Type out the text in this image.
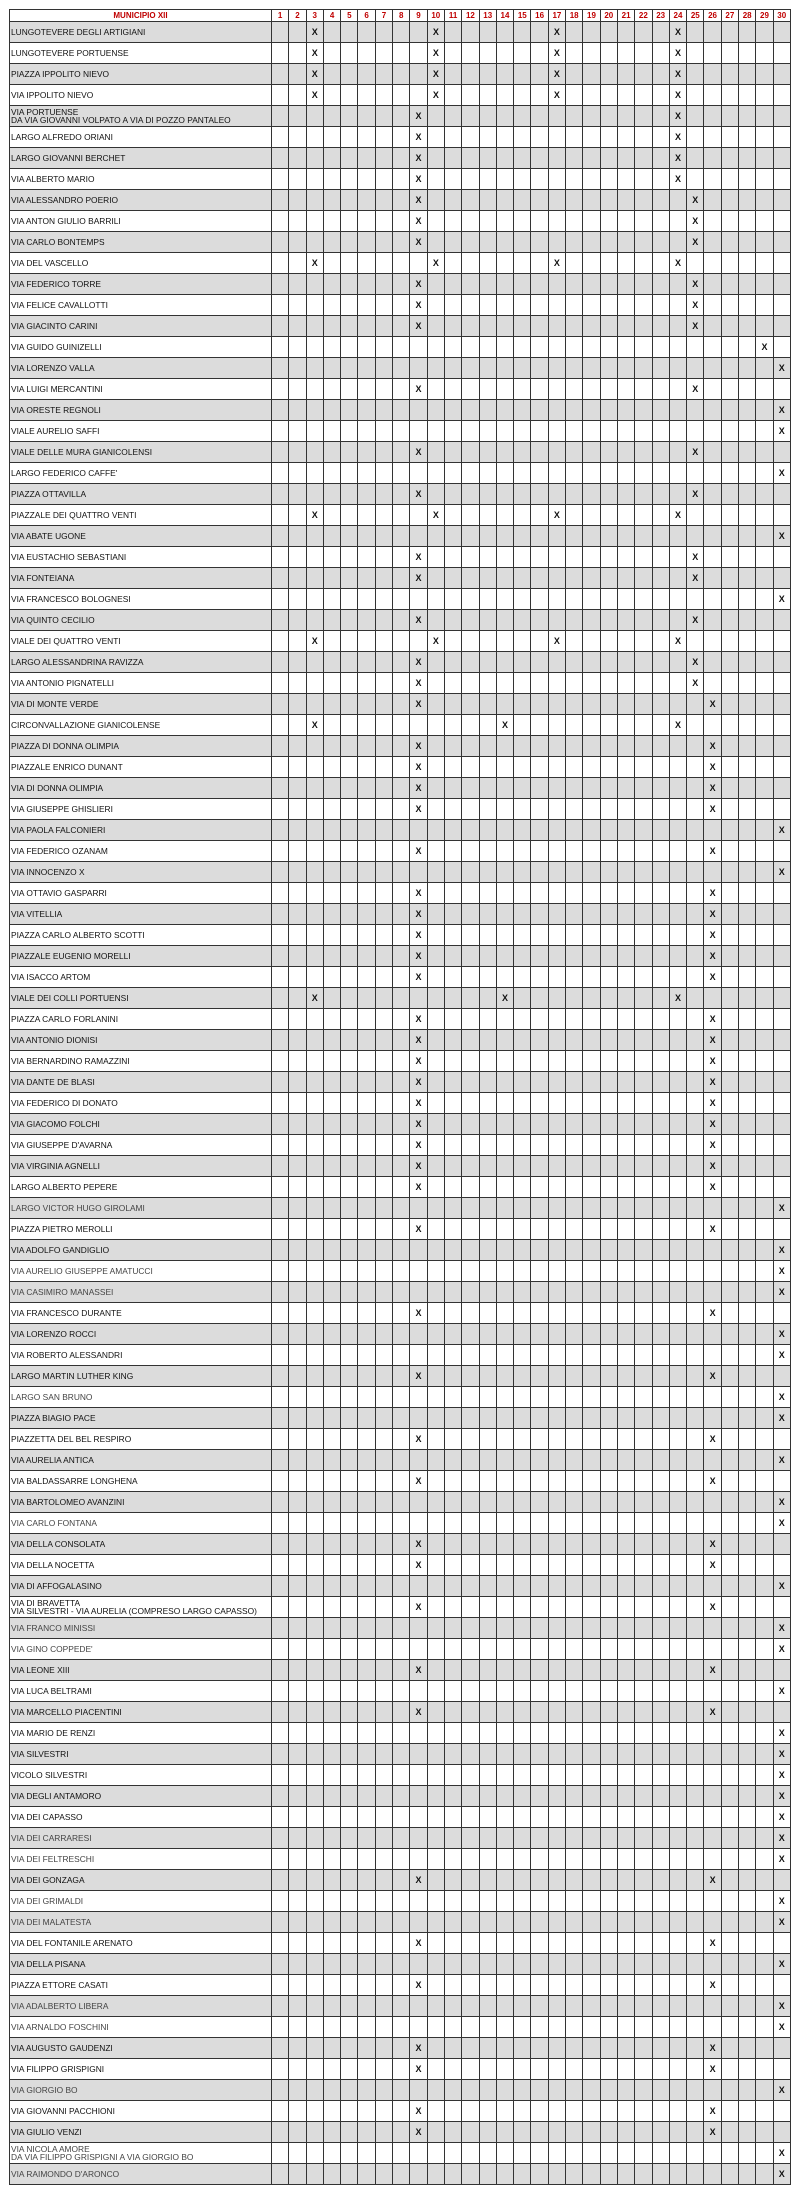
MUNICIPIO XII	1	2	3	4	5	6	7	8	9	10	11	12	13	14	15	16	17	18	19	20	21	22	23	24	25	26	27	28	29	30
LUNGOTEVERE DEGLI ARTIGIANI			X							X							X							X						
LUNGOTEVERE PORTUENSE			X							X							X							X						
PIAZZA IPPOLITO NIEVO			X							X							X							X						
VIA IPPOLITO NIEVO			X							X							X							X						
VIA PORTUENSE
DA VIA GIOVANNI VOLPATO A VIA DI POZZO PANTALEO									X															X						
LARGO ALFREDO ORIANI									X															X						
LARGO GIOVANNI BERCHET									X															X						
VIA ALBERTO MARIO									X															X						
VIA ALESSANDRO POERIO									X																X					
VIA ANTON GIULIO BARRILI									X																X					
VIA CARLO BONTEMPS									X																X					
VIA DEL VASCELLO			X							X							X							X						
VIA FEDERICO TORRE									X																X					
VIA FELICE CAVALLOTTI									X																X					
VIA GIACINTO CARINI									X																X					
VIA GUIDO GUINIZELLI																													X	
VIA LORENZO VALLA																														X
VIA LUIGI MERCANTINI									X																X					
VIA ORESTE REGNOLI																														X
VIALE AURELIO SAFFI																														X
VIALE DELLE MURA GIANICOLENSI									X																X					
LARGO FEDERICO CAFFE'																														X
PIAZZA OTTAVILLA									X																X					
PIAZZALE DEI QUATTRO VENTI			X							X							X							X						
VIA ABATE UGONE																														X
VIA EUSTACHIO SEBASTIANI									X																X					
VIA FONTEIANA									X																X					
VIA FRANCESCO BOLOGNESI																														X
VIA QUINTO CECILIO									X																X					
VIALE DEI QUATTRO VENTI			X							X							X							X						
LARGO ALESSANDRINA RAVIZZA									X																X					
VIA ANTONIO PIGNATELLI									X																X					
VIA DI MONTE VERDE									X																	X				
CIRCONVALLAZIONE GIANICOLENSE			X											X										X						
PIAZZA DI DONNA OLIMPIA									X																	X				
PIAZZALE ENRICO DUNANT									X																	X				
VIA DI DONNA OLIMPIA									X																	X				
VIA GIUSEPPE GHISLIERI									X																	X				
VIA PAOLA FALCONIERI																														X
VIA FEDERICO OZANAM									X																	X				
VIA INNOCENZO X																														X
VIA OTTAVIO GASPARRI									X																	X				
VIA VITELLIA									X																	X				
PIAZZA CARLO ALBERTO SCOTTI									X																	X				
PIAZZALE EUGENIO MORELLI									X																	X				
VIA ISACCO ARTOM									X																	X				
VIALE DEI COLLI PORTUENSI			X											X										X						
PIAZZA CARLO FORLANINI									X																	X				
VIA ANTONIO DIONISI									X																	X				
VIA BERNARDINO RAMAZZINI									X																	X				
VIA DANTE DE BLASI									X																	X				
VIA FEDERICO DI DONATO									X																	X				
VIA GIACOMO FOLCHI									X																	X				
VIA GIUSEPPE D'AVARNA									X																	X				
VIA VIRGINIA AGNELLI									X																	X				
LARGO ALBERTO PEPERE									X																	X				
LARGO VICTOR HUGO GIROLAMI																														X
PIAZZA PIETRO MEROLLI									X																	X				
VIA ADOLFO GANDIGLIO																														X
VIA AURELIO GIUSEPPE AMATUCCI																														X
VIA CASIMIRO MANASSEI																														X
VIA FRANCESCO DURANTE									X																	X				
VIA LORENZO ROCCI																														X
VIA ROBERTO ALESSANDRI																														X
LARGO MARTIN LUTHER KING									X																	X				
LARGO SAN BRUNO																														X
PIAZZA BIAGIO PACE																														X
PIAZZETTA DEL BEL RESPIRO									X																	X				
VIA AURELIA ANTICA																														X
VIA BALDASSARRE LONGHENA									X																	X				
VIA BARTOLOMEO AVANZINI																														X
VIA CARLO FONTANA																														X
VIA DELLA CONSOLATA									X																	X				
VIA DELLA NOCETTA									X																	X				
VIA DI AFFOGALASINO																														X
VIA DI BRAVETTA
VIA SILVESTRI - VIA AURELIA (COMPRESO LARGO CAPASSO)									X																	X				
VIA FRANCO MINISSI																														X
VIA GINO COPPEDE'																														X
VIA LEONE XIII									X																	X				
VIA LUCA BELTRAMI																														X
VIA MARCELLO PIACENTINI									X																	X				
VIA MARIO DE RENZI																														X
VIA SILVESTRI																														X
VICOLO SILVESTRI																														X
VIA DEGLI ANTAMORO																														X
VIA DEI CAPASSO																														X
VIA DEI CARRARESI																														X
VIA DEI FELTRESCHI																														X
VIA DEI GONZAGA									X																	X				
VIA DEI GRIMALDI																														X
VIA DEI MALATESTA																														X
VIA DEL FONTANILE ARENATO									X																	X				
VIA DELLA PISANA																														X
PIAZZA ETTORE CASATI									X																	X				
VIA ADALBERTO LIBERA																														X
VIA ARNALDO FOSCHINI																														X
VIA AUGUSTO GAUDENZI									X																	X				
VIA FILIPPO GRISPIGNI									X																	X				
VIA GIORGIO BO																														X
VIA GIOVANNI PACCHIONI									X																	X				
VIA GIULIO VENZI									X																	X				
VIA NICOLA AMORE
DA VIA FILIPPO GRISPIGNI A VIA GIORGIO BO																														X
VIA RAIMONDO D'ARONCO																														X
